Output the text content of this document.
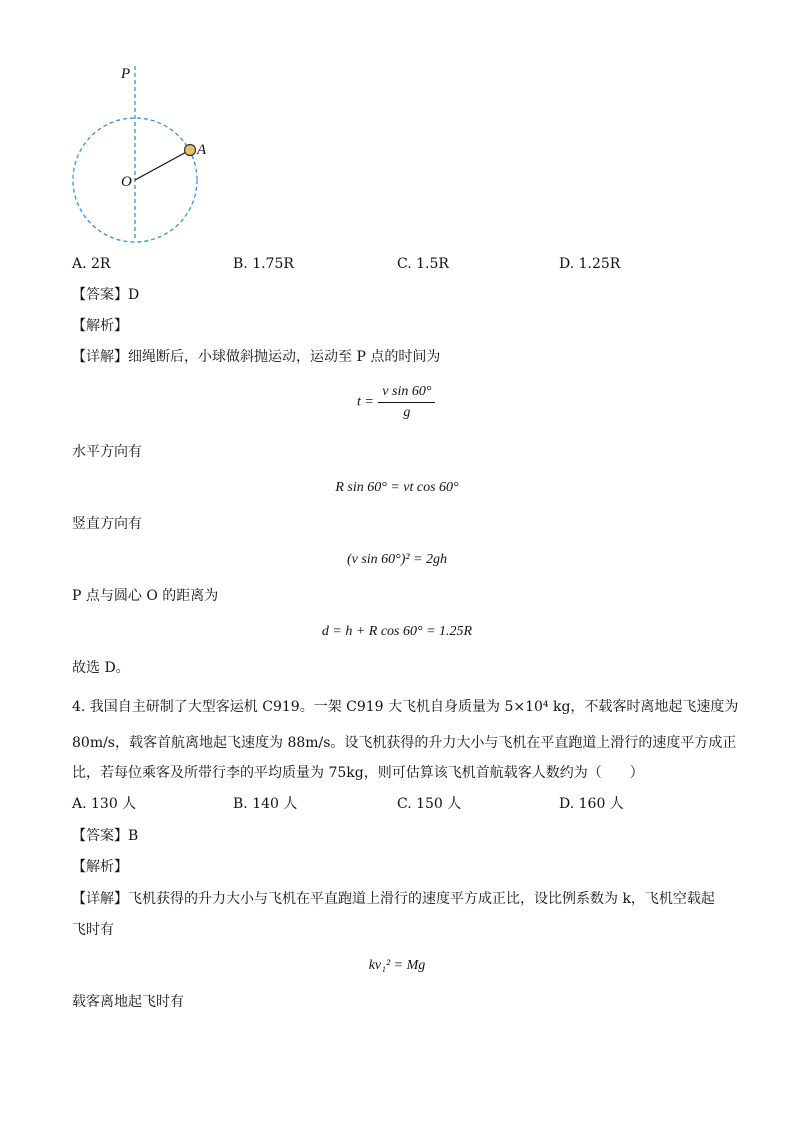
P
O
A
A. 2R	B. 1.75R	C. 1.5R	D. 1.25R
【答案】D
【解析】
【详解】细绳断后，小球做斜抛运动，运动至 P 点的时间为
$t = \frac{\text{v sin 60°}}{g}$
水平方向有
R sin 60° = vt cos 60°
竖直方向有
(v sin 60°)² = 2gh
P 点与圆心 O 的距离为
d = h + R cos 60° = 1.25R
故选 D。
4. 我国自主研制了大型客运机 C919。一架 C919 大飞机自身质量为 5×10⁴ kg，不载客时离地起飞速度为
80m/s，载客首航离地起飞速度为 88m/s。设飞机获得的升力大小与飞机在平直跑道上滑行的速度平方成正
比，若每位乘客及所带行李的平均质量为 75kg，则可估算该飞机首航载客人数约为（　　）
A. 130 人	B. 140 人	C. 150 人	D. 160 人
【答案】B
【解析】
【详解】飞机获得的升力大小与飞机在平直跑道上滑行的速度平方成正比，设比例系数为 k，飞机空载起
飞时有
kv₁² = Mg
载客离地起飞时有
